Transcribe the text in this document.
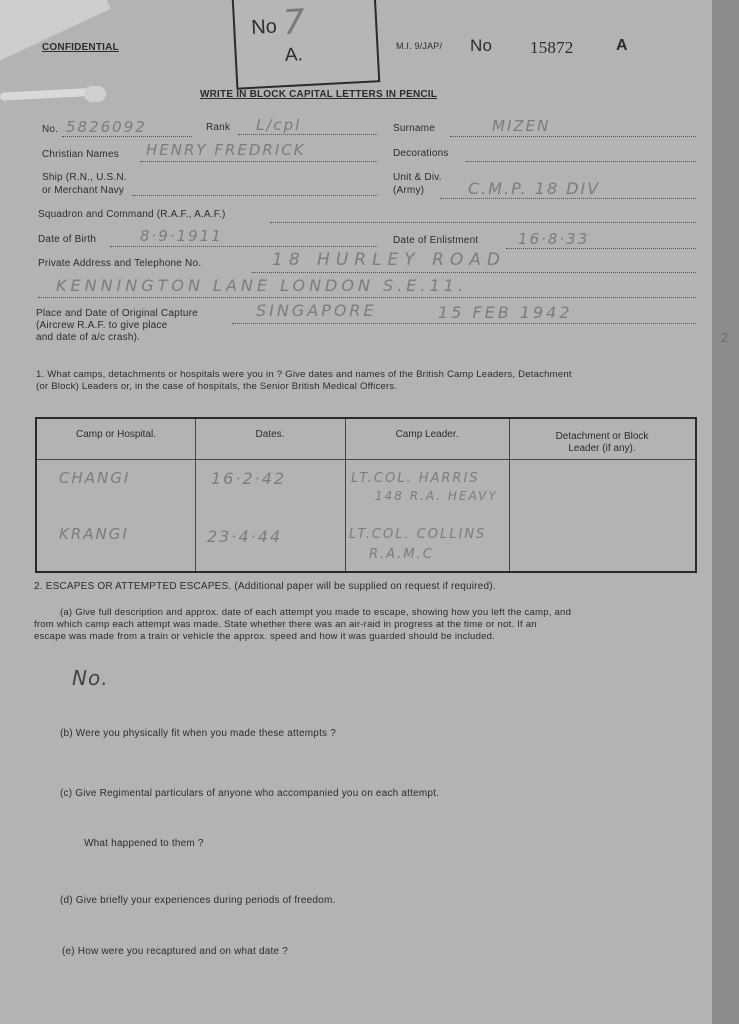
CONFIDENTIAL
No 7
A.	M.I. 9/JAP/ No 15872	A
WRITE IN BLOCK CAPITAL LETTERS IN PENCIL
No. 5826092	Rank L/cpl	Surname	MIZEN
Christian Names HENRY FREDRICK	Decorations
Ship (R.N., U.S.N.
or Merchant Navy
Unit & Div.
(Army)	C.M.P. 18 DIV
Squadron and Command (R.A.F., A.A.F.)
Date of Birth	8·9·1911	Date of Enlistment	16·8·33
Private Address and Telephone No.	18 HURLEY ROAD
KENNINGTON LANE LONDON S.E.11.
Place and Date of Original Capture
(Aircrew R.A.F. to give place
and date of a/c crash).
SINGAPORE	15 FEB 1942
2
1. What camps, detachments or hospitals were you in ? Give dates and names of the British Camp Leaders, Detachment
(or Block) Leaders or, in the case of hospitals, the Senior British Medical Officers.
Camp or Hospital.	Dates.	Camp Leader.	Detachment or Block
Leader (if any).
CHANGI	16·2·42	LT.COL. HARRIS
148 R.A. HEAVY
KRANGI	23·4·44	LT.COL. COLLINS
R.A.M.C
2. ESCAPES OR ATTEMPTED ESCAPES. (Additional paper will be supplied on request if required).
(a) Give full description and approx. date of each attempt you made to escape, showing how you left the camp, and
from which camp each attempt was made. State whether there was an air-raid in progress at the time or not. If an
escape was made from a train or vehicle the approx. speed and how it was guarded should be included.
No.
(b) Were you physically fit when you made these attempts ?
(c) Give Regimental particulars of anyone who accompanied you on each attempt.
What happened to them ?
(d) Give briefly your experiences during periods of freedom.
(e) How were you recaptured and on what date ?
